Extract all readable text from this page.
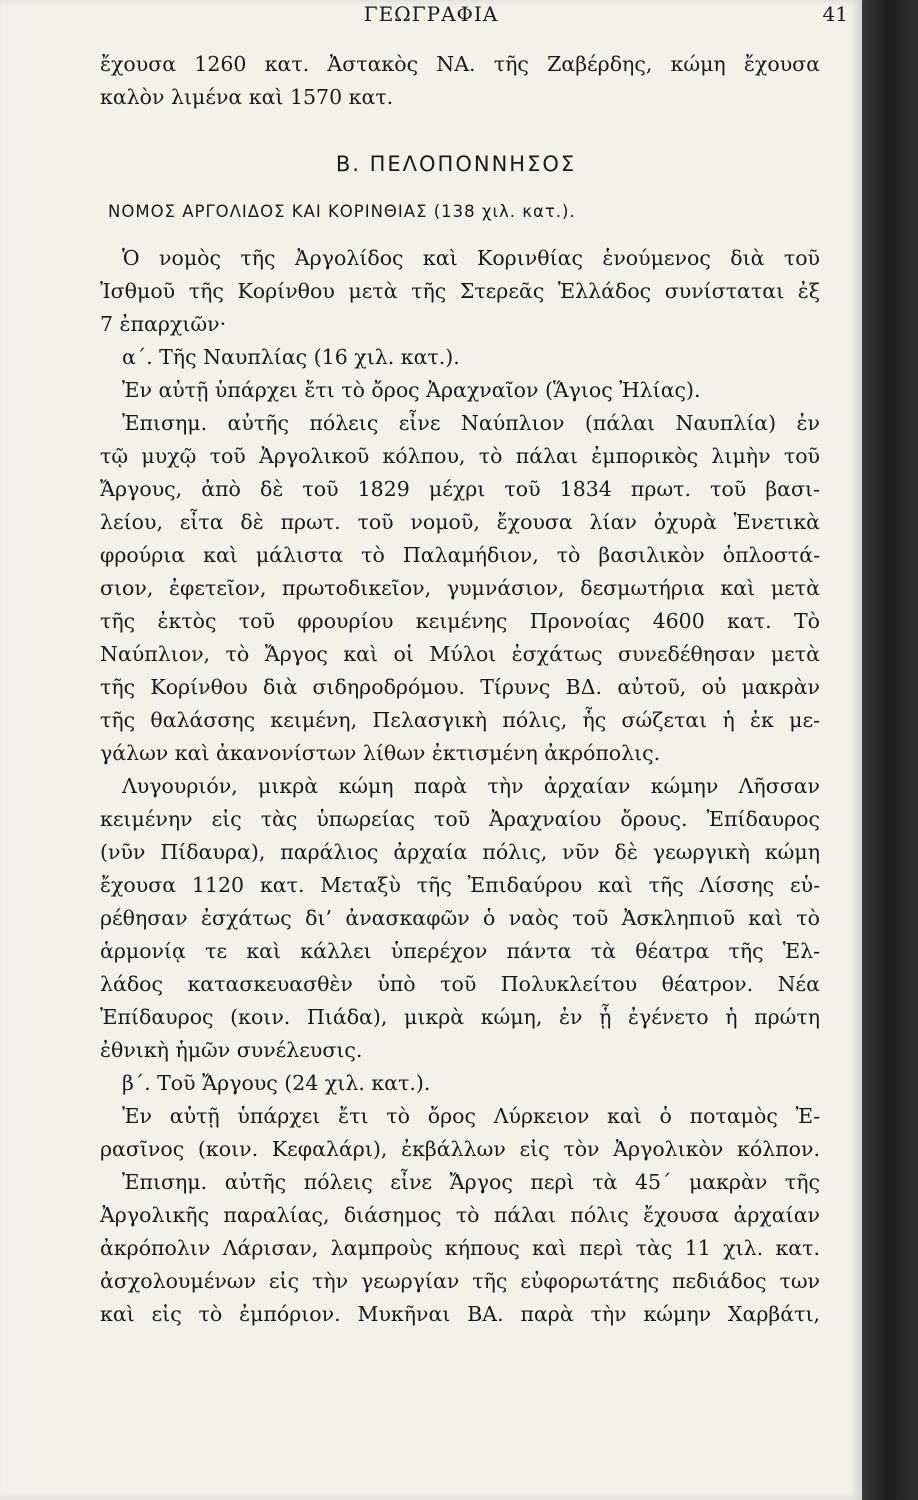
ΓΕΩΓΡΑΦΙΑ	41
ἔχουσα 1260 κατ. Ἀστακὸς ΝΑ. τῆς Ζαβέρδης, κώμη ἔχουσα
καλὸν λιμένα καὶ 1570 κατ.
Β. ΠΕΛΟΠΟΝΝΗΣΟΣ
ΝΟΜΟΣ ΑΡΓΟΛΙΔΟΣ ΚΑΙ ΚΟΡΙΝΘΙΑΣ (138 χιλ. κατ.).
Ὁ νομὸς τῆς Ἀργολίδος καὶ Κορινθίας ἑνούμενος διὰ τοῦ
Ἰσθμοῦ τῆς Κορίνθου μετὰ τῆς Στερεᾶς Ἑλλάδος συνίσταται ἐξ
7 ἐπαρχιῶν·
α΄. Τῆς Ναυπλίας (16 χιλ. κατ.).
Ἐν αὐτῇ ὑπάρχει ἔτι τὸ ὄρος Ἀραχναῖον (Ἅγιος Ἠλίας).
Ἐπισημ. αὐτῆς πόλεις εἶνε Ναύπλιον (πάλαι Ναυπλία) ἐν
τῷ μυχῷ τοῦ Ἀργολικοῦ κόλπου, τὸ πάλαι ἐμπορικὸς λιμὴν τοῦ
Ἄργους, ἀπὸ δὲ τοῦ 1829 μέχρι τοῦ 1834 πρωτ. τοῦ βασι-
λείου, εἶτα δὲ πρωτ. τοῦ νομοῦ, ἔχουσα λίαν ὀχυρὰ Ἑνετικὰ
φρούρια καὶ μάλιστα τὸ Παλαμήδιον, τὸ βασιλικὸν ὁπλοστά-
σιον, ἐφετεῖον, πρωτοδικεῖον, γυμνάσιον, δεσμωτήρια καὶ μετὰ
τῆς ἐκτὸς τοῦ φρουρίου κειμένης Προνοίας 4600 κατ. Τὸ
Ναύπλιον, τὸ Ἄργος καὶ οἱ Μύλοι ἐσχάτως συνεδέθησαν μετὰ
τῆς Κορίνθου διὰ σιδηροδρόμου. Τίρυνς ΒΔ. αὐτοῦ, οὐ μακρὰν
τῆς θαλάσσης κειμένη, Πελασγικὴ πόλις, ἧς σώζεται ἡ ἐκ με-
γάλων καὶ ἀκανονίστων λίθων ἐκτισμένη ἀκρόπολις.
Λυγουριόν, μικρὰ κώμη παρὰ τὴν ἀρχαίαν κώμην Λῆσσαν
κειμένην εἰς τὰς ὑπωρείας τοῦ Ἀραχναίου ὄρους. Ἐπίδαυρος
(νῦν Πίδαυρα), παράλιος ἀρχαία πόλις, νῦν δὲ γεωργικὴ κώμη
ἔχουσα 1120 κατ. Μεταξὺ τῆς Ἐπιδαύρου καὶ τῆς Λίσσης εὑ-
ρέθησαν ἐσχάτως δι’ ἀνασκαφῶν ὁ ναὸς τοῦ Ἀσκληπιοῦ καὶ τὸ
ἁρμονίᾳ τε καὶ κάλλει ὑπερέχον πάντα τὰ θέατρα τῆς Ἑλ-
λάδος κατασκευασθὲν ὑπὸ τοῦ Πολυκλείτου θέατρον. Νέα
Ἐπίδαυρος (κοιν. Πιάδα), μικρὰ κώμη, ἐν ᾗ ἐγένετο ἡ πρώτη
ἐθνικὴ ἡμῶν συνέλευσις.
β΄. Τοῦ Ἄργους (24 χιλ. κατ.).
Ἐν αὐτῇ ὑπάρχει ἔτι τὸ ὄρος Λύρκειον καὶ ὁ ποταμὸς Ἐ-
ρασῖνος (κοιν. Κεφαλάρι), ἐκβάλλων εἰς τὸν Ἀργολικὸν κόλπον.
Ἐπισημ. αὐτῆς πόλεις εἶνε Ἄργος περὶ τὰ 45΄ μακρὰν τῆς
Ἀργολικῆς παραλίας, διάσημος τὸ πάλαι πόλις ἔχουσα ἀρχαίαν
ἀκρόπολιν Λάρισαν, λαμπροὺς κήπους καὶ περὶ τὰς 11 χιλ. κατ.
ἀσχολουμένων εἰς τὴν γεωργίαν τῆς εὐφορωτάτης πεδιάδος των
καὶ εἰς τὸ ἐμπόριον. Μυκῆναι ΒΑ. παρὰ τὴν κώμην Χαρβάτι,
